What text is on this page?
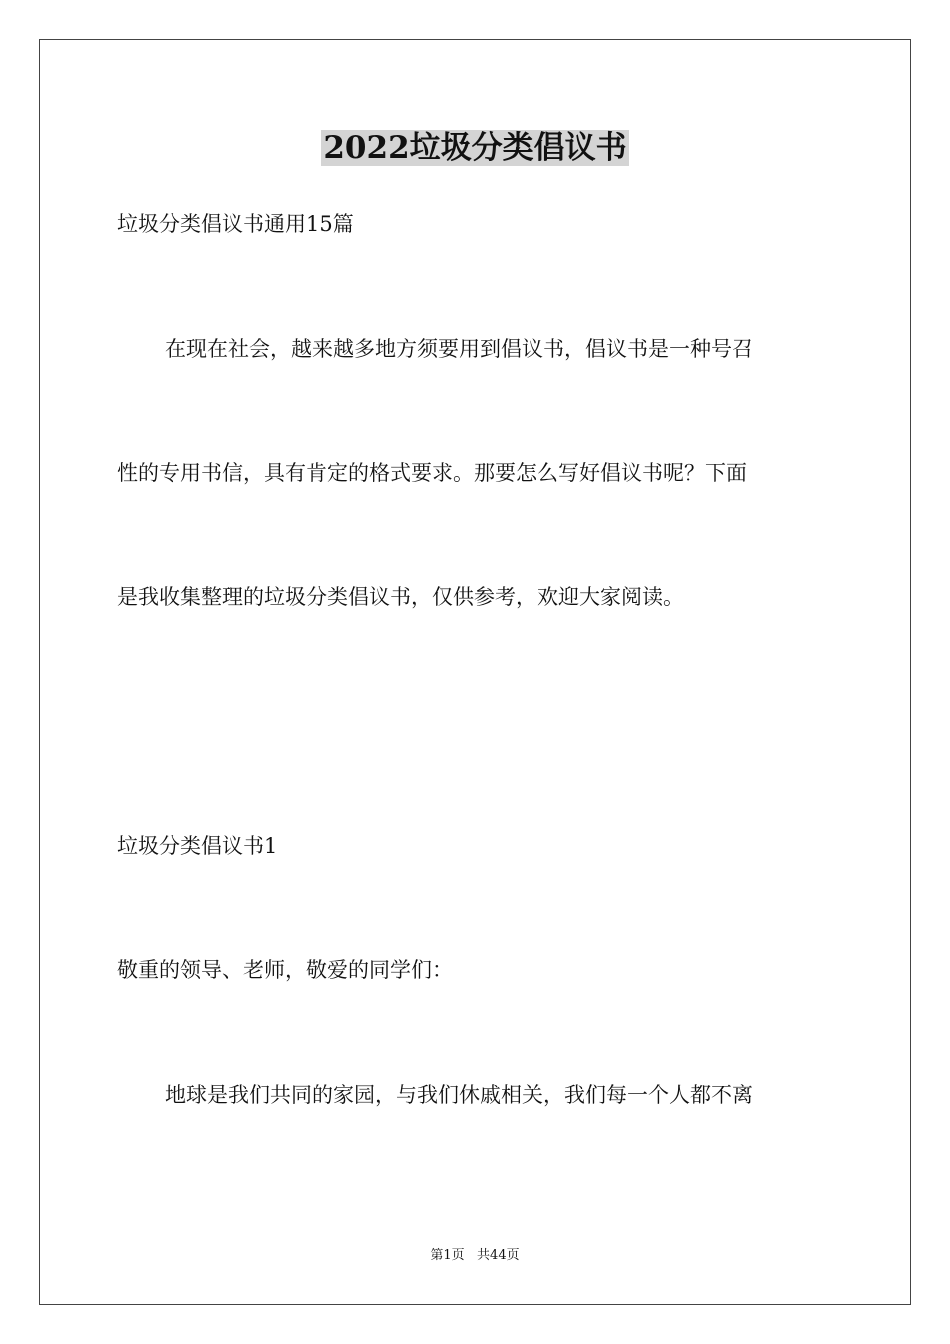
2022垃圾分类倡议书
垃圾分类倡议书通用15篇
在现在社会，越来越多地方须要用到倡议书，倡议书是一种号召
性的专用书信，具有肯定的格式要求。那要怎么写好倡议书呢？下面
是我收集整理的垃圾分类倡议书，仅供参考，欢迎大家阅读。
垃圾分类倡议书1
敬重的领导、老师，敬爱的同学们：
地球是我们共同的家园，与我们休戚相关，我们每一个人都不离
第1页   共44页
